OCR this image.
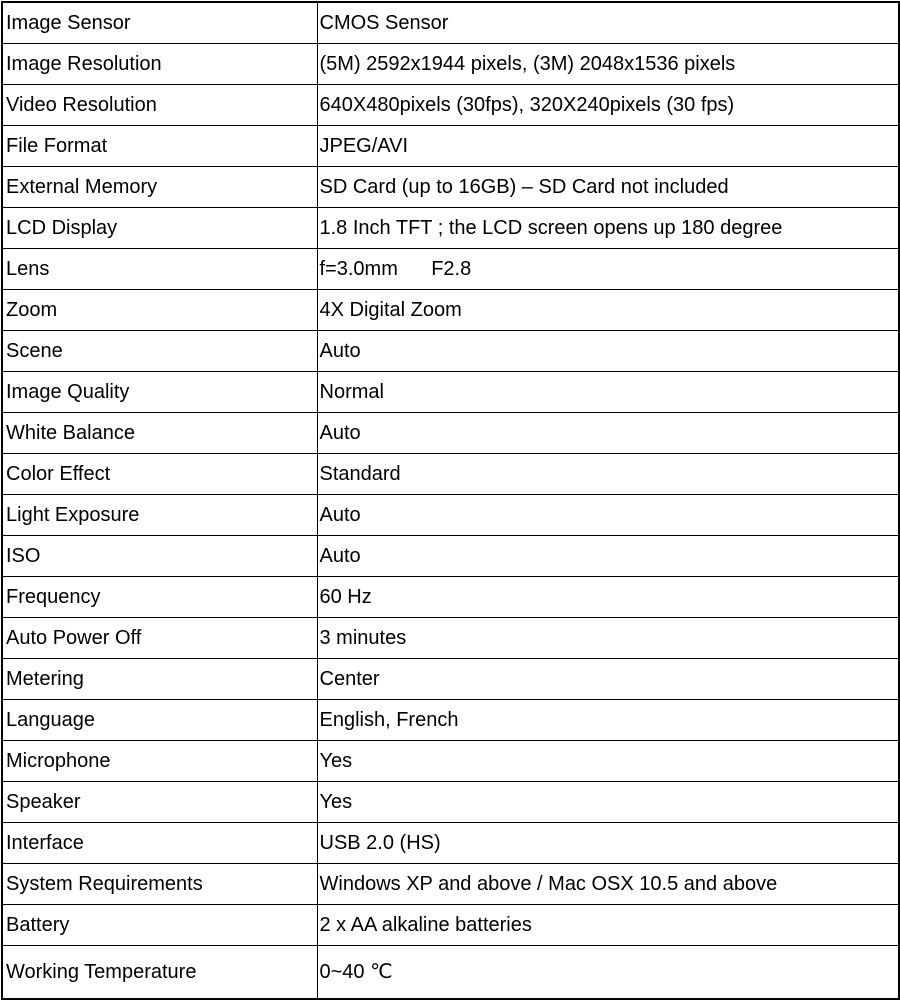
Image Sensor	CMOS Sensor
Image Resolution	(5M) 2592x1944 pixels, (3M) 2048x1536 pixels
Video Resolution	640X480pixels (30fps), 320X240pixels (30 fps)
File Format	JPEG/AVI
External Memory	SD Card (up to 16GB) – SD Card not included
LCD Display	1.8 Inch TFT ; the LCD screen opens up 180 degree
Lens	f=3.0mm      F2.8
Zoom	4X Digital Zoom
Scene	Auto
Image Quality	Normal
White Balance	Auto
Color Effect	Standard
Light Exposure	Auto
ISO	Auto
Frequency	60 Hz
Auto Power Off	3 minutes
Metering	Center
Language	English, French
Microphone	Yes
Speaker	Yes
Interface	USB 2.0 (HS)
System Requirements	Windows XP and above / Mac OSX 10.5 and above
Battery	2 x AA alkaline batteries
Working Temperature	0~40 ℃
